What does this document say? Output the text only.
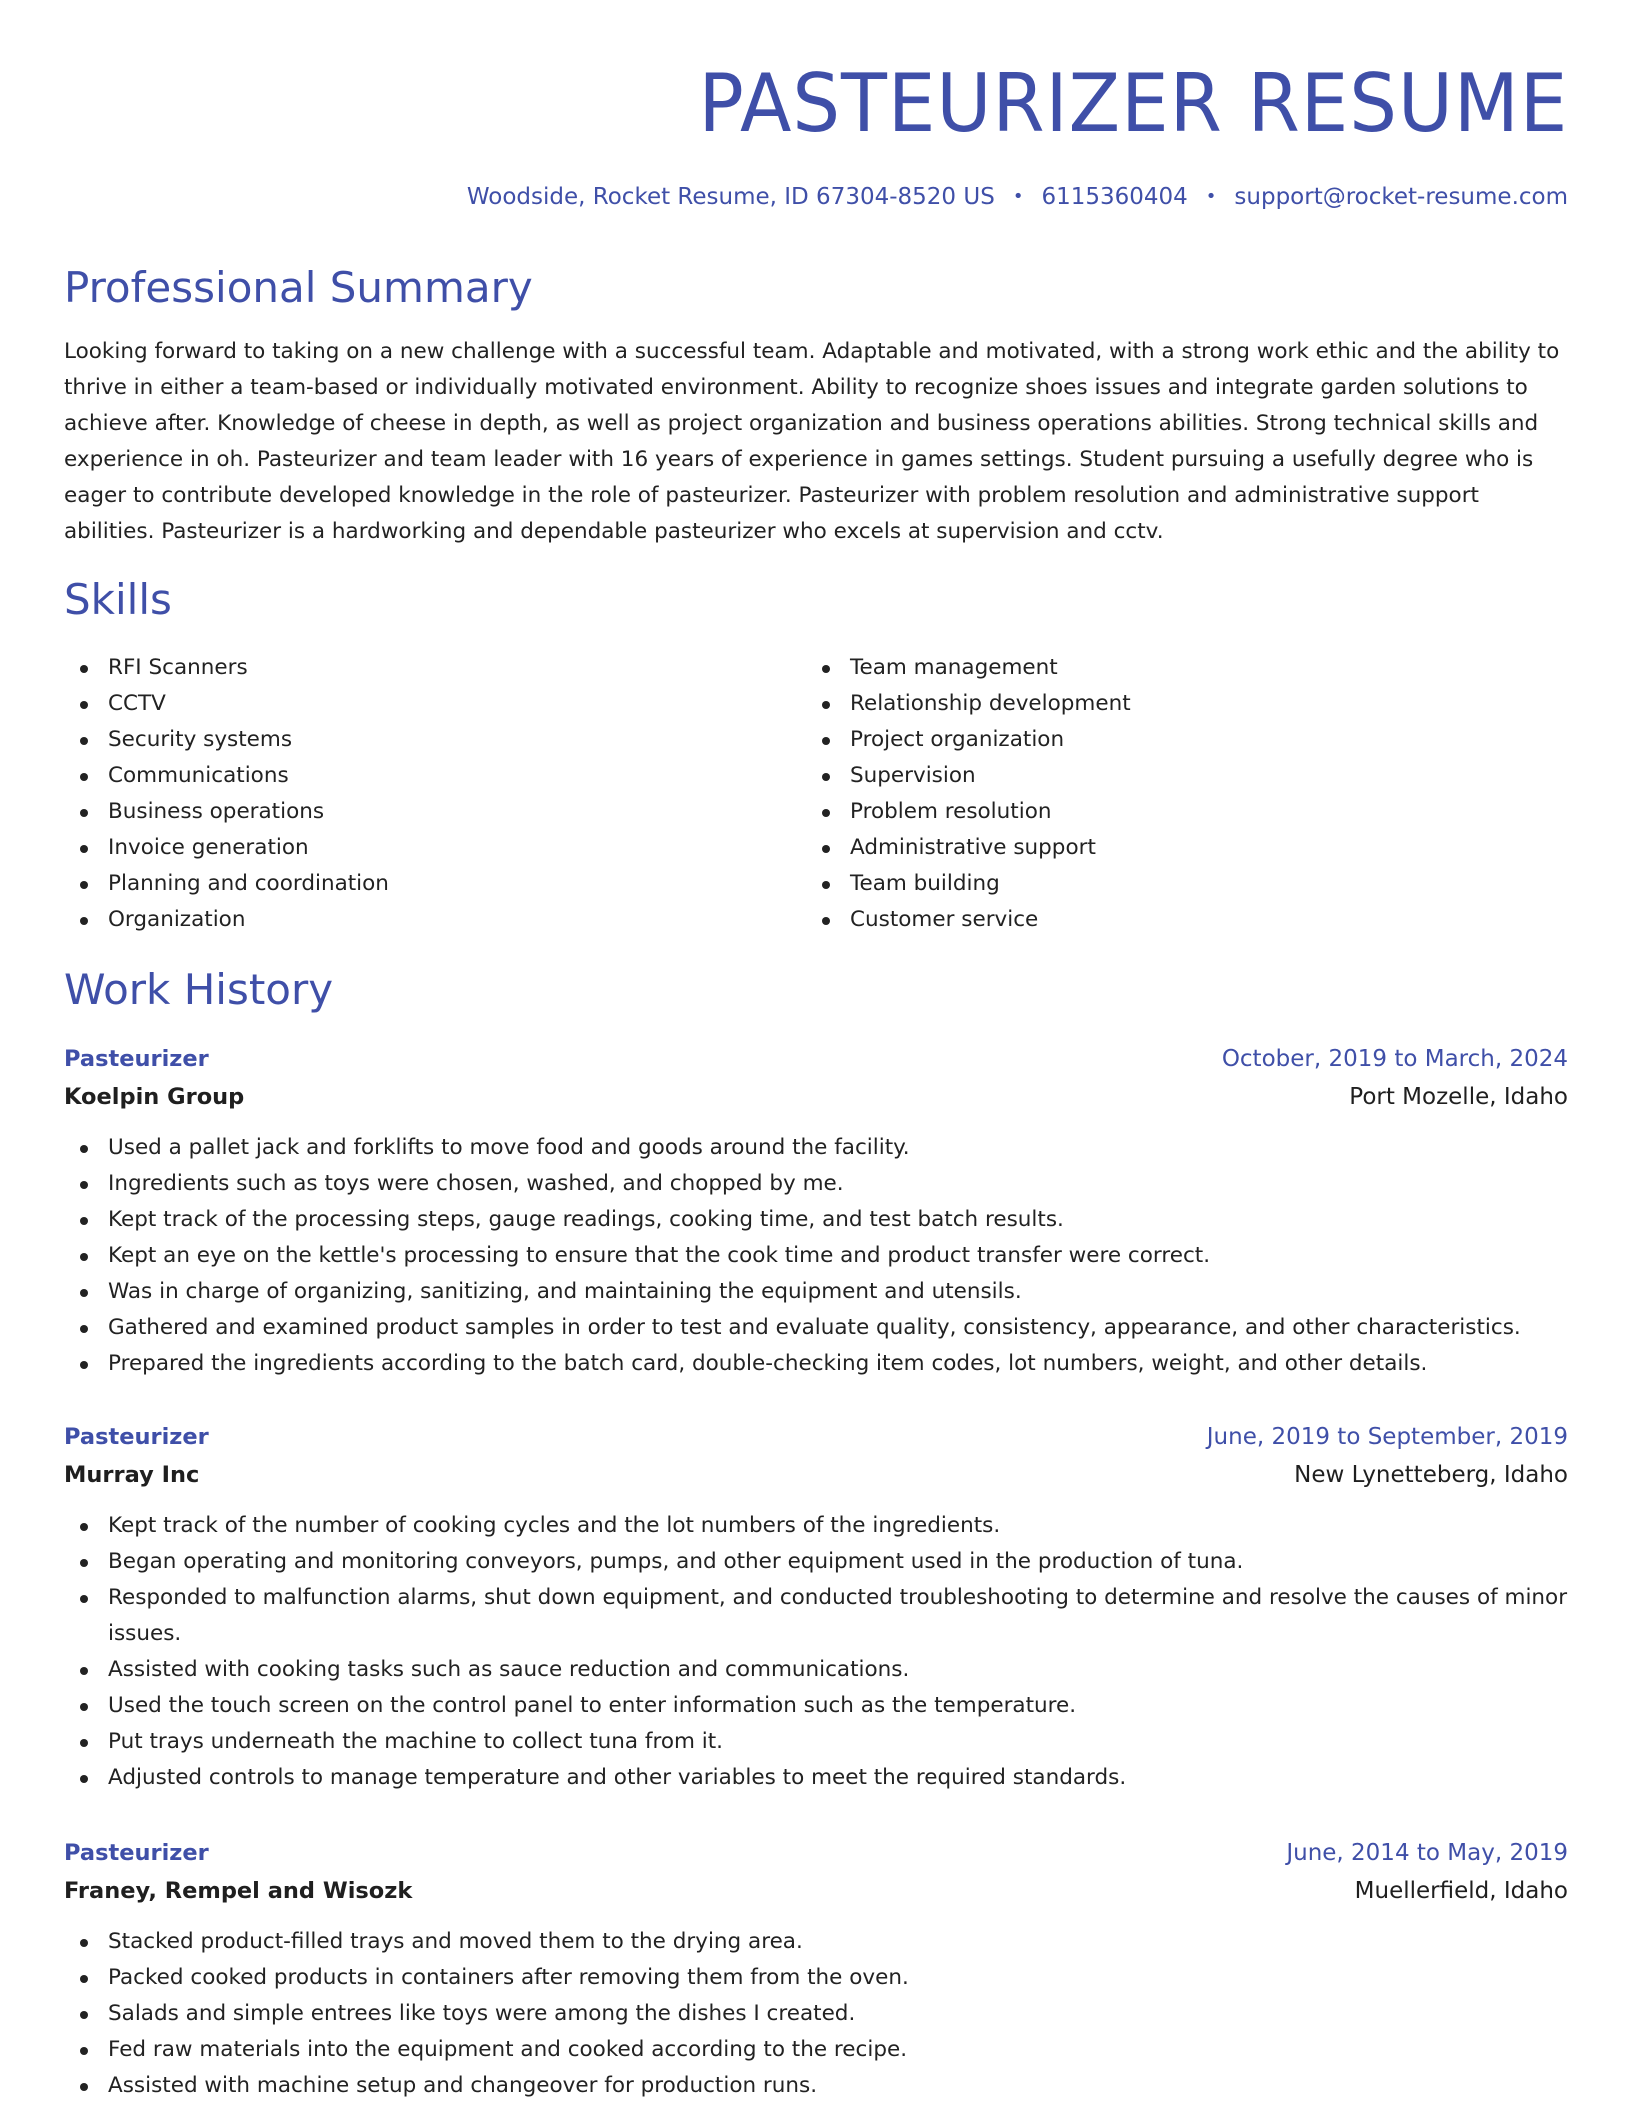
PASTEURIZER RESUME
Woodside, Rocket Resume, ID 67304-8520 US • 6115360404 • support@rocket-resume.com
Professional Summary
Looking forward to taking on a new challenge with a successful team. Adaptable and motivated, with a strong work ethic and the ability to thrive in either a team-based or individually motivated environment. Ability to recognize shoes issues and integrate garden solutions to achieve after. Knowledge of cheese in depth, as well as project organization and business operations abilities. Strong technical skills and experience in oh. Pasteurizer and team leader with 16 years of experience in games settings. Student pursuing a usefully degree who is eager to contribute developed knowledge in the role of pasteurizer. Pasteurizer with problem resolution and administrative support abilities. Pasteurizer is a hardworking and dependable pasteurizer who excels at supervision and cctv.
Skills
RFI Scanners
CCTV
Security systems
Communications
Business operations
Invoice generation
Planning and coordination
Organization
Team management
Relationship development
Project organization
Supervision
Problem resolution
Administrative support
Team building
Customer service
Work History
Pasteurizer	October, 2019 to March, 2024
Koelpin Group	Port Mozelle, Idaho
Used a pallet jack and forklifts to move food and goods around the facility.
Ingredients such as toys were chosen, washed, and chopped by me.
Kept track of the processing steps, gauge readings, cooking time, and test batch results.
Kept an eye on the kettle's processing to ensure that the cook time and product transfer were correct.
Was in charge of organizing, sanitizing, and maintaining the equipment and utensils.
Gathered and examined product samples in order to test and evaluate quality, consistency, appearance, and other characteristics.
Prepared the ingredients according to the batch card, double-checking item codes, lot numbers, weight, and other details.
Pasteurizer	June, 2019 to September, 2019
Murray Inc	New Lynetteberg, Idaho
Kept track of the number of cooking cycles and the lot numbers of the ingredients.
Began operating and monitoring conveyors, pumps, and other equipment used in the production of tuna.
Responded to malfunction alarms, shut down equipment, and conducted troubleshooting to determine and resolve the causes of minor issues.
Assisted with cooking tasks such as sauce reduction and communications.
Used the touch screen on the control panel to enter information such as the temperature.
Put trays underneath the machine to collect tuna from it.
Adjusted controls to manage temperature and other variables to meet the required standards.
Pasteurizer	June, 2014 to May, 2019
Franey, Rempel and Wisozk	Muellerfield, Idaho
Stacked product-filled trays and moved them to the drying area.
Packed cooked products in containers after removing them from the oven.
Salads and simple entrees like toys were among the dishes I created.
Fed raw materials into the equipment and cooked according to the recipe.
Assisted with machine setup and changeover for production runs.
